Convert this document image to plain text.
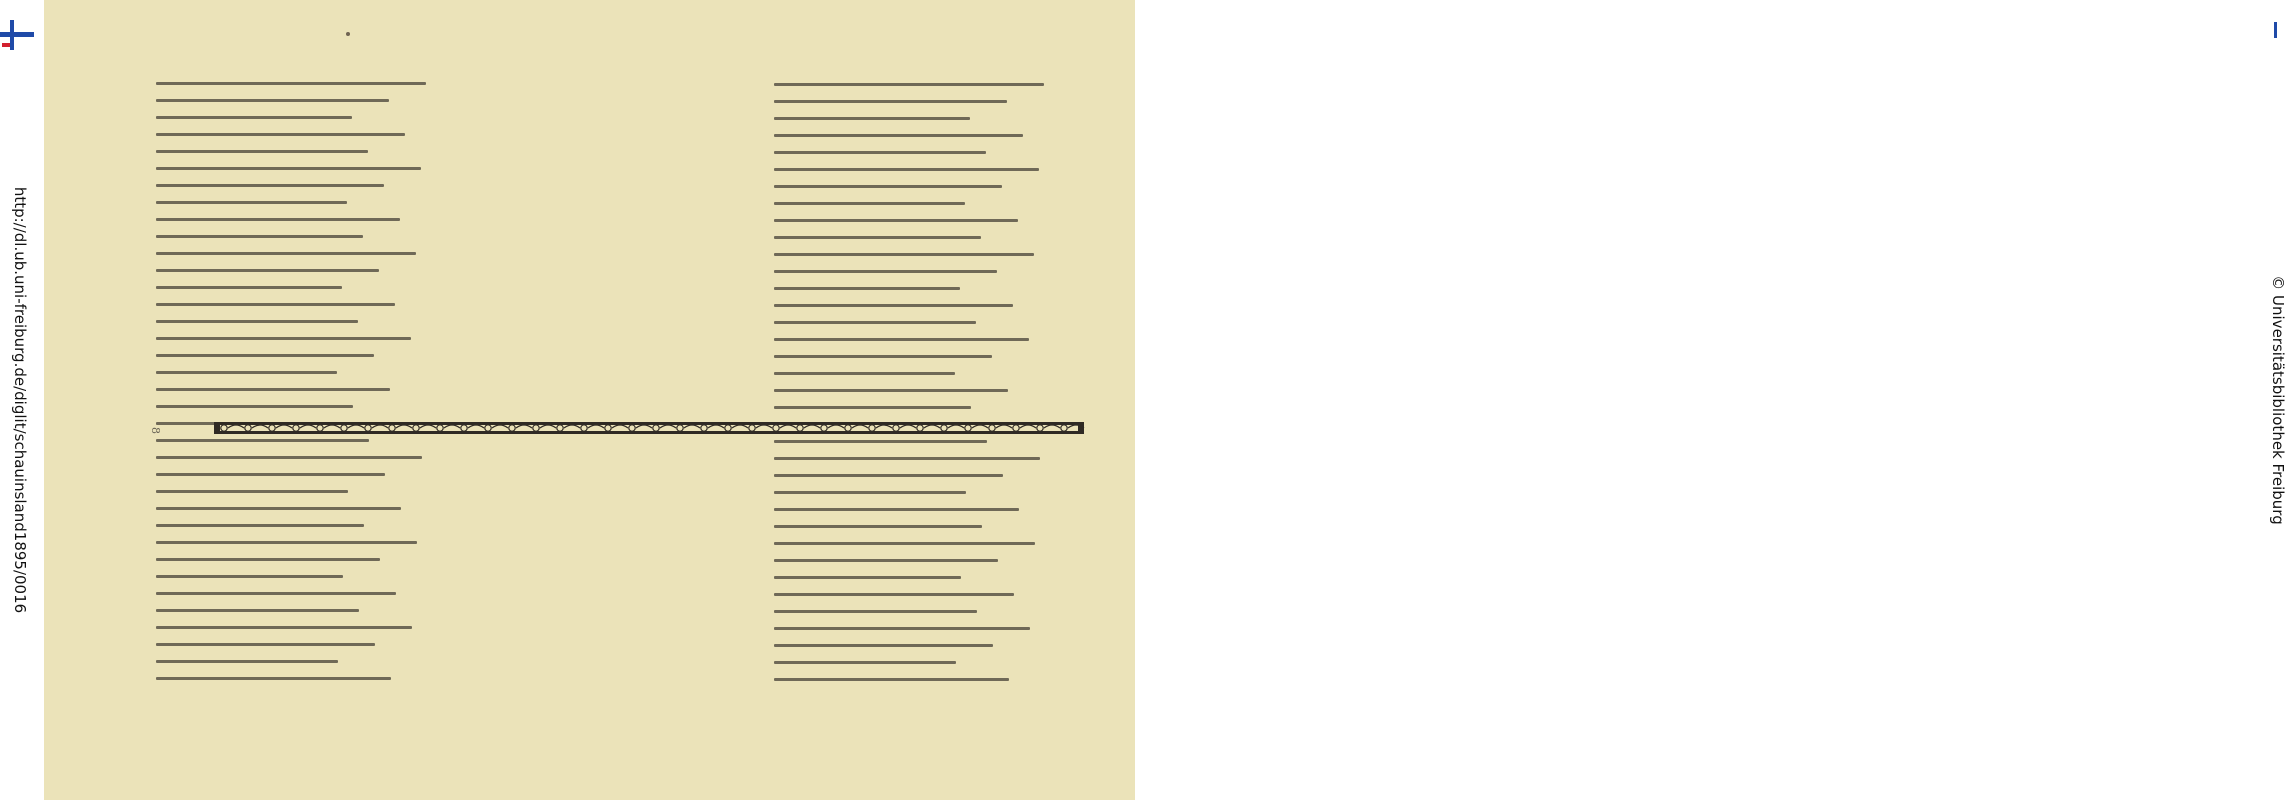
http://dl.ub.uni-freiburg.de/diglit/schauinsland1895/0016	© Universitätsbibliothek Freiburg
8
